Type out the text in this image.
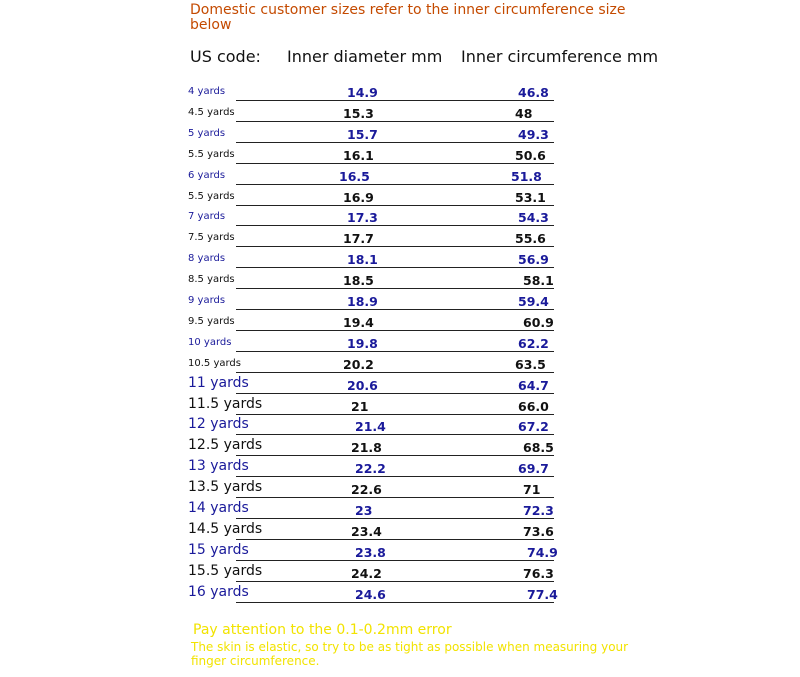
Domestic customer sizes refer to the inner circumference size below
US code: Inner diameter mm Inner circumference mm
4 yards	14.9	46.8
4.5 yards	15.3	48
5 yards	15.7	49.3
5.5 yards	16.1	50.6
6 yards	16.5	51.8
5.5 yards	16.9	53.1
7 yards	17.3	54.3
7.5 yards	17.7	55.6
8 yards	18.1	56.9
8.5 yards	18.5	58.1
9 yards	18.9	59.4
9.5 yards	19.4	60.9
10 yards	19.8	62.2
10.5 yards	20.2	63.5
11 yards	20.6	64.7
11.5 yards	21	66.0
12 yards	21.4	67.2
12.5 yards	21.8	68.5
13 yards	22.2	69.7
13.5 yards	22.6	71
14 yards	23	72.3
14.5 yards	23.4	73.6
15 yards	23.8	74.9
15.5 yards	24.2	76.3
16 yards	24.6	77.4
Pay attention to the 0.1-0.2mm error
The skin is elastic, so try to be as tight as possible when measuring your finger circumference.
